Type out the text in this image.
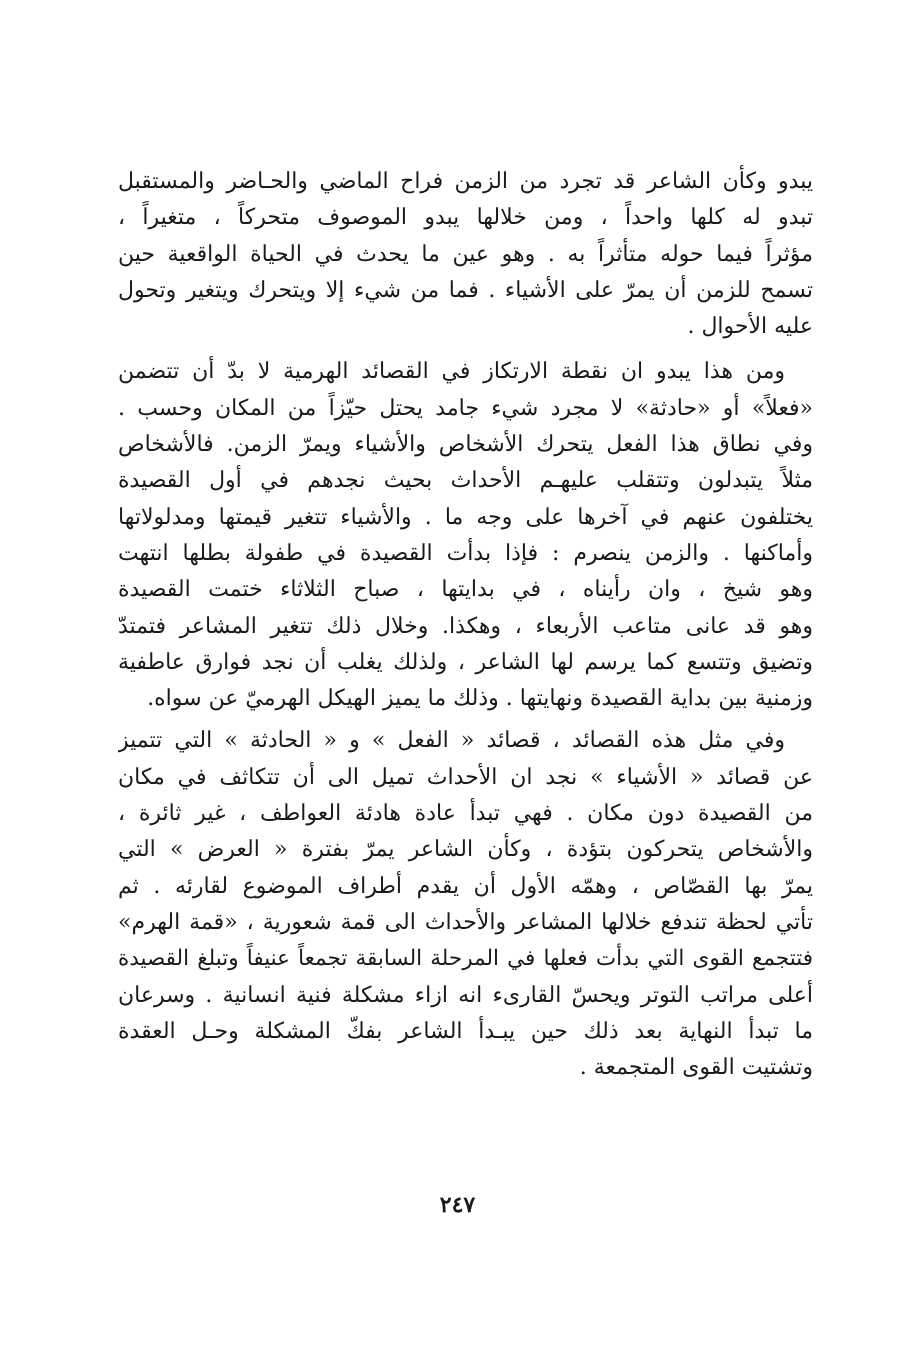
يبدو وكأن الشاعر قد تجرد من الزمن فراح الماضي والحـاضر والمستقبل
تبدو له كلها واحداً ، ومن خلالها يبدو الموصوف متحركاً ، متغيراً ،
مؤثراً فيما حوله متأثراً به . وهو عين ما يحدث في الحياة الواقعية حين
تسمح للزمن أن يمرّ على الأشياء . فما من شيء إلا ويتحرك ويتغير وتحول
عليه الأحوال .
ومن هذا يبدو ان نقطة الارتكاز في القصائد الهرمية لا بدّ أن تتضمن
«فعلاً» أو «حادثة» لا مجرد شيء جامد يحتل حيّزاً من المكان وحسب .
وفي نطاق هذا الفعل يتحرك الأشخاص والأشياء ويمرّ الزمن. فالأشخاص
مثلاً يتبدلون وتتقلب عليهـم الأحداث بحيث نجدهم في أول القصيدة
يختلفون عنهم في آخرها على وجه ما . والأشياء تتغير قيمتها ومدلولاتها
وأماكنها . والزمن ينصرم : فإذا بدأت القصيدة في طفولة بطلها انتهت
وهو شيخ ، وان رأيناه ، في بدايتها ، صباح الثلاثاء ختمت القصيدة
وهو قد عانى متاعب الأربعاء ، وهكذا. وخلال ذلك تتغير المشاعر فتمتدّ
وتضيق وتتسع كما يرسم لها الشاعر ، ولذلك يغلب أن نجد فوارق عاطفية
وزمنية بين بداية القصيدة ونهايتها . وذلك ما يميز الهيكل الهرميّ عن سواه.
وفي مثل هذه القصائد ، قصائد « الفعل » و « الحادثة » التي تتميز
عن قصائد « الأشياء » نجد ان الأحداث تميل الى أن تتكاثف في مكان
من القصيدة دون مكان . فهي تبدأ عادة هادئة العواطف ، غير ثائرة ،
والأشخاص يتحركون بتؤدة ، وكأن الشاعر يمرّ بفترة « العرض » التي
يمرّ بها القصّاص ، وهمّه الأول أن يقدم أطراف الموضوع لقارئه . ثم
تأتي لحظة تندفع خلالها المشاعر والأحداث الى قمة شعورية ، «قمة الهرم»
فتتجمع القوى التي بدأت فعلها في المرحلة السابقة تجمعاً عنيفاً وتبلغ القصيدة
أعلى مراتب التوتر ويحسّ القارىء انه ازاء مشكلة فنية انسانية . وسرعان
ما تبدأ النهاية بعد ذلك حين يبـدأ الشاعر بفكّ المشكلة وحـل العقدة
وتشتيت القوى المتجمعة .
٢٤٧
